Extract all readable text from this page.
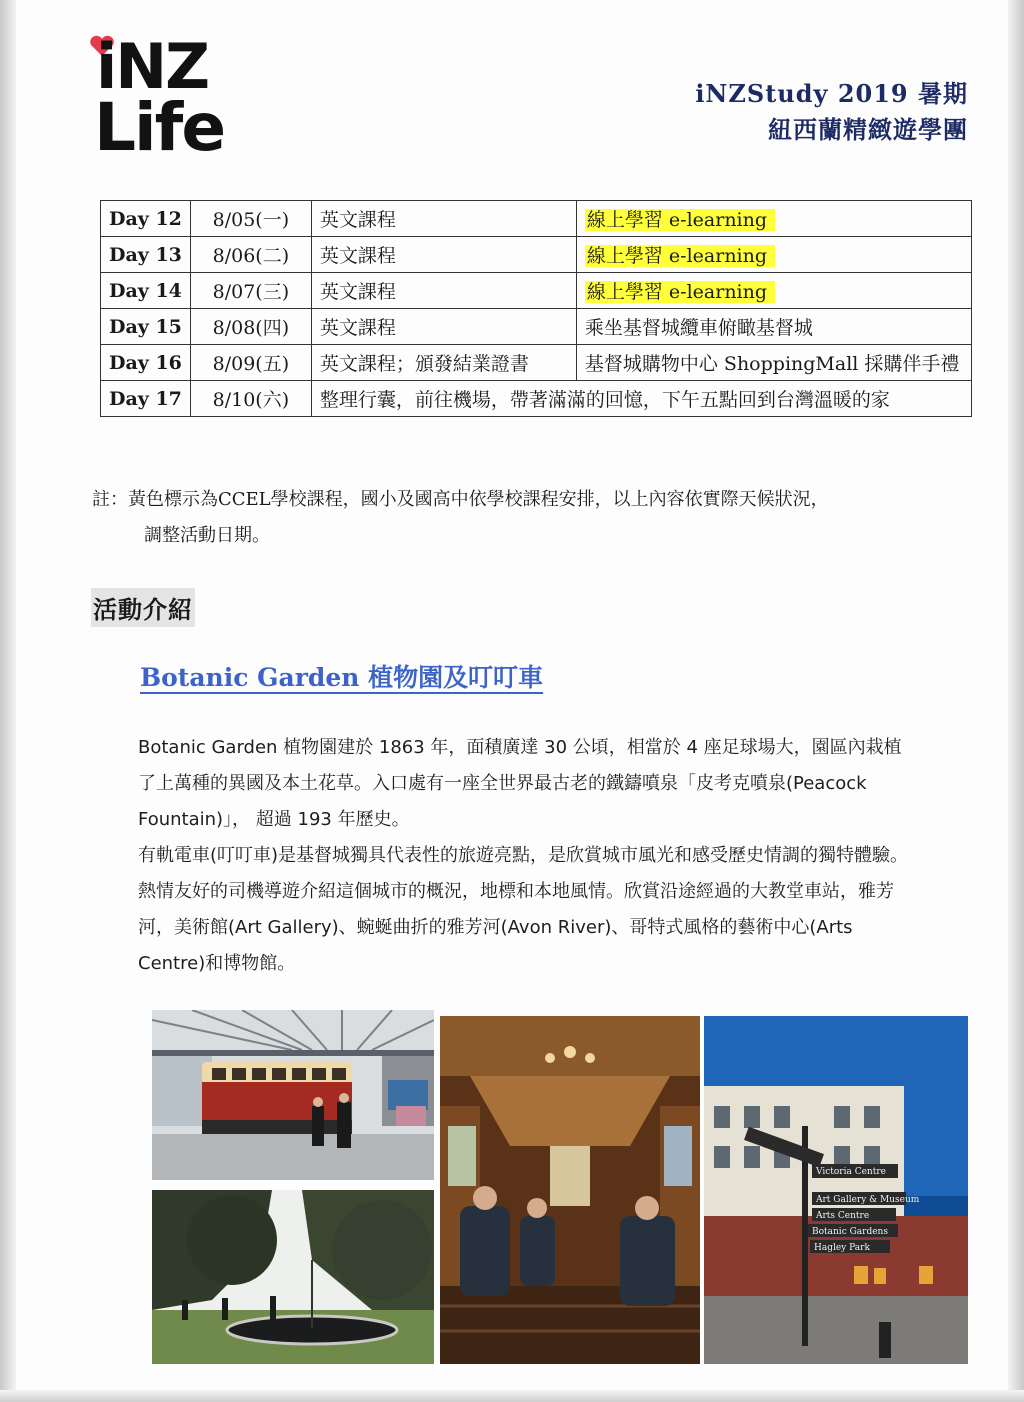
iNZ
Life	iNZStudy 2019 暑期
紐西蘭精緻遊學團
Day 12	8/05(一)	英文課程	線上學習 e-learning
Day 13	8/06(二)	英文課程	線上學習 e-learning
Day 14	8/07(三)	英文課程	線上學習 e-learning
Day 15	8/08(四)	英文課程	乘坐基督城纜車俯瞰基督城
Day 16	8/09(五)	英文課程；頒發結業證書	基督城購物中心 ShoppingMall 採購伴手禮
Day 17	8/10(六)	整理行囊，前往機場，帶著滿滿的回憶，下午五點回到台灣溫暖的家	
註：黃色標示為CCEL學校課程，國小及國高中依學校課程安排，以上內容依實際天候狀況，
調整活動日期。
活動介紹
Botanic Garden 植物園及叮叮車

Botanic Garden 植物園建於 1863 年，面積廣達 30 公頃，相當於 4 座足球場大，園區內栽植了上萬種的異國及本土花草。入口處有一座全世界最古老的鐵鑄噴泉「皮考克噴泉(Peacock Fountain)」， 超過 193 年歷史。

有軌電車(叮叮車)是基督城獨具代表性的旅遊亮點，是欣賞城市風光和感受歷史情調的獨特體驗。熱情友好的司機導遊介紹這個城市的概況，地標和本地風情。欣賞沿途經過的大教堂車站，雅芳河，美術館(Art Gallery)、蜿蜒曲折的雅芳河(Avon River)、哥特式風格的藝術中心(Arts Centre)和博物館。

Victoria Centre
Art Gallery & Museum
Arts Centre
Botanic Gardens
Hagley Park
